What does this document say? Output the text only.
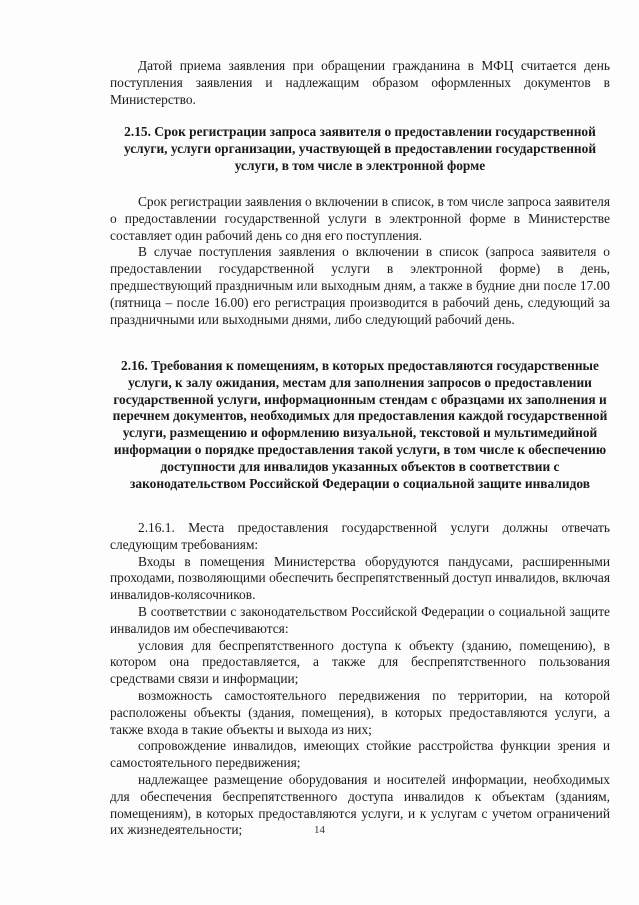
Датой приема заявления при обращении гражданина в МФЦ считается день поступления заявления и надлежащим образом оформленных документов в Министерство.

2.15. Срок регистрации запроса заявителя о предоставлении государственной услуги, услуги организации, участвующей в предоставлении государственной услуги, в том числе в электронной форме

Срок регистрации заявления о включении в список, в том числе запроса заявителя о предоставлении государственной услуги в электронной форме в Министерстве составляет один рабочий день со дня его поступления.

В случае поступления заявления о включении в список (запроса заявителя о предоставлении государственной услуги в электронной форме) в день, предшествующий праздничным или выходным дням, а также в будние дни после 17.00 (пятница – после 16.00) его регистрация производится в рабочий день, следующий за праздничными или выходными днями, либо следующий рабочий день.

2.16. Требования к помещениям, в которых предоставляются государственные услуги, к залу ожидания, местам для заполнения запросов о предоставлении государственной услуги, информационным стендам с образцами их заполнения и перечнем документов, необходимых для предоставления каждой государственной услуги, размещению и оформлению визуальной, текстовой и мультимедийной информации о порядке предоставления такой услуги, в том числе к обеспечению доступности для инвалидов указанных объектов в соответствии с законодательством Российской Федерации о социальной защите инвалидов

2.16.1. Места предоставления государственной услуги должны отвечать следующим требованиям:

Входы в помещения Министерства оборудуются пандусами, расширенными проходами, позволяющими обеспечить беспрепятственный доступ инвалидов, включая инвалидов-колясочников.

В соответствии с законодательством Российской Федерации о социальной защите инвалидов им обеспечиваются:

условия для беспрепятственного доступа к объекту (зданию, помещению), в котором она предоставляется, а также для беспрепятственного пользования средствами связи и информации;

возможность самостоятельного передвижения по территории, на которой расположены объекты (здания, помещения), в которых предоставляются услуги, а также входа в такие объекты и выхода из них;

сопровождение инвалидов, имеющих стойкие расстройства функции зрения и самостоятельного передвижения;

надлежащее размещение оборудования и носителей информации, необходимых для обеспечения беспрепятственного доступа инвалидов к объектам (зданиям, помещениям), в которых предоставляются услуги, и к услугам с учетом ограничений их жизнедеятельности;	14
